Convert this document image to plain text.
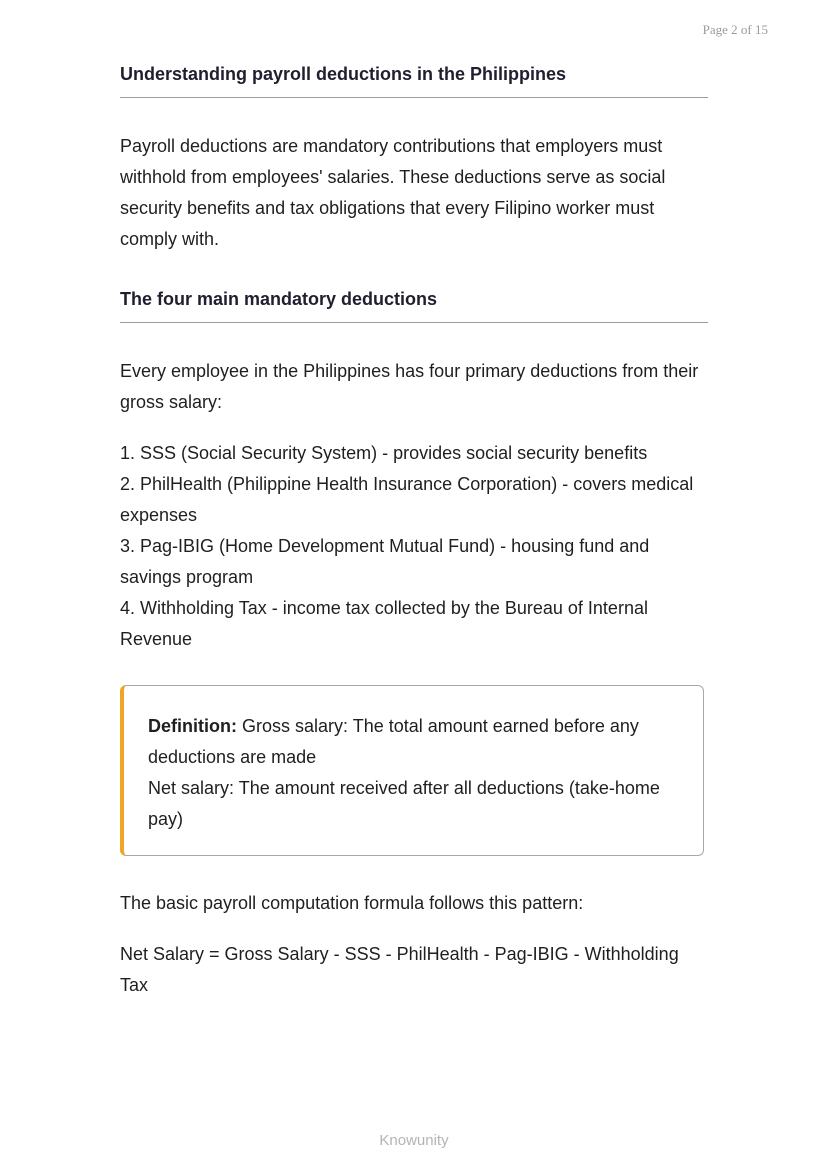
Page 2 of 15
Understanding payroll deductions in the Philippines

Payroll deductions are mandatory contributions that employers must withhold from employees' salaries. These deductions serve as social security benefits and tax obligations that every Filipino worker must comply with.

The four main mandatory deductions

Every employee in the Philippines has four primary deductions from their gross salary:

1. SSS (Social Security System) - provides social security benefits
2. PhilHealth (Philippine Health Insurance Corporation) - covers medical expenses
3. Pag-IBIG (Home Development Mutual Fund) - housing fund and savings program
4. Withholding Tax - income tax collected by the Bureau of Internal Revenue

Definition: Gross salary: The total amount earned before any deductions are made

Net salary: The amount received after all deductions (take-home pay)

The basic payroll computation formula follows this pattern:

Net Salary = Gross Salary - SSS - PhilHealth - Pag-IBIG - Withholding Tax

Knowunity
